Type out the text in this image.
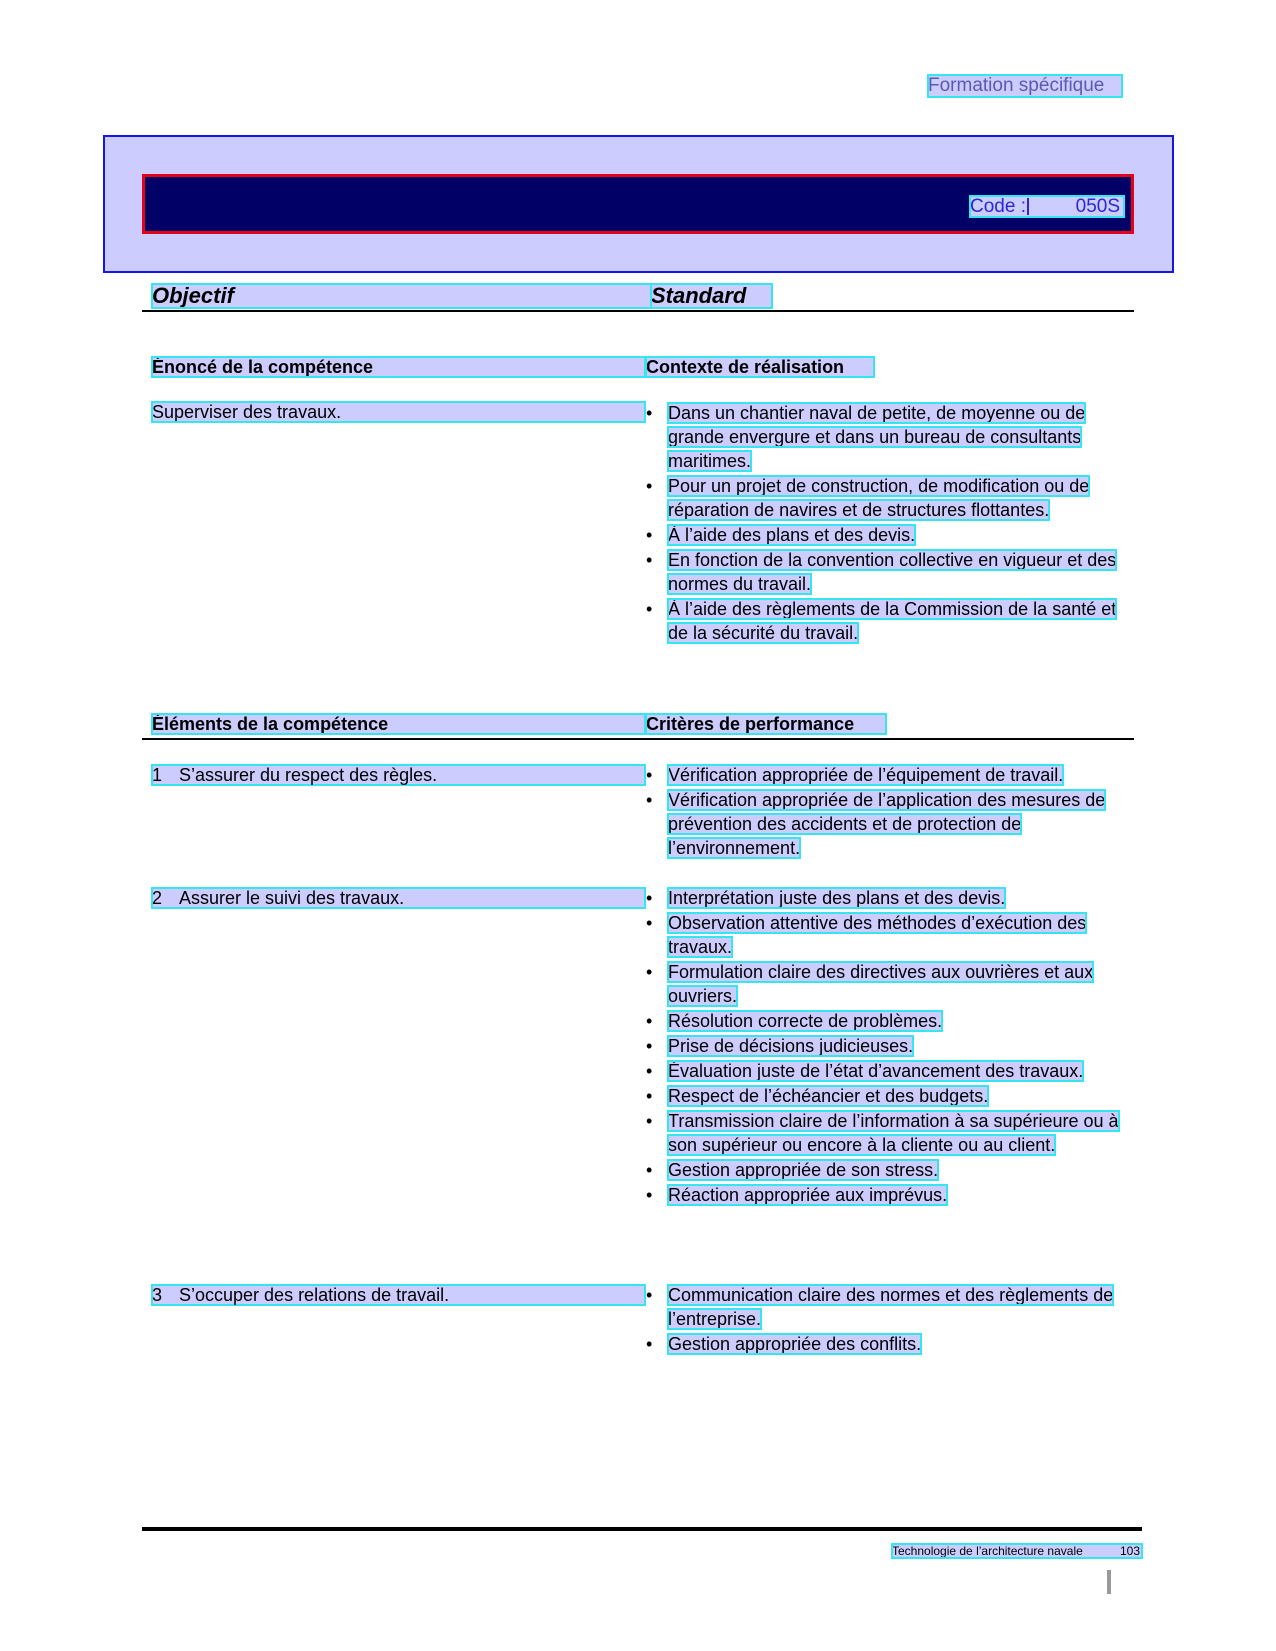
Formation spécifique
Code :	050S
Objectif	Standard
Énoncé de la compétence	Contexte de réalisation
Superviser des travaux.	• Dans un chantier naval de petite, de moyenne ou de grande envergure et dans un bureau de consultants maritimes.
• Pour un projet de construction, de modification ou de réparation de navires et de structures flottantes.
• À l’aide des plans et des devis.
• En fonction de la convention collective en vigueur et des normes du travail.
• À l’aide des règlements de la Commission de la santé et de la sécurité du travail.
Éléments de la compétence	Critères de performance
1 S’assurer du respect des règles.	• Vérification appropriée de l’équipement de travail.
• Vérification appropriée de l’application des mesures de prévention des accidents et de protection de l’environnement.
2 Assurer le suivi des travaux.	• Interprétation juste des plans et des devis.
• Observation attentive des méthodes d’exécution des travaux.
• Formulation claire des directives aux ouvrières et aux ouvriers.
• Résolution correcte de problèmes.
• Prise de décisions judicieuses.
• Évaluation juste de l’état d’avancement des travaux.
• Respect de l’échéancier et des budgets.
• Transmission claire de l’information à sa supérieure ou à son supérieur ou encore à la cliente ou au client.
• Gestion appropriée de son stress.
• Réaction appropriée aux imprévus.
3 S’occuper des relations de travail.	• Communication claire des normes et des règlements de l’entreprise.
• Gestion appropriée des conflits.
Technologie de l’architecture navale	103
